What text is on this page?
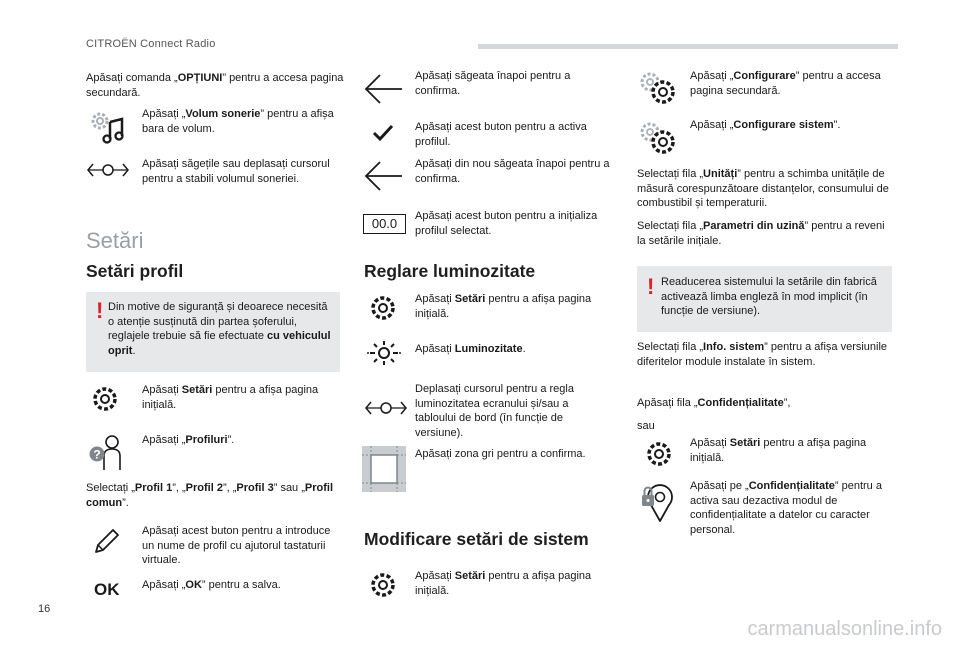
CITROËN Connect Radio
16
Apăsați comanda „OPȚIUNI” pentru a accesa pagina secundară.
Apăsați „Volum sonerie” pentru a afișa bara de volum.
Apăsați săgețile sau deplasați cursorul pentru a stabili volumul soneriei.
Setări
Setări profil
! Din motive de siguranță și deoarece necesită o atenție susținută din partea șoferului, reglajele trebuie să fie efectuate cu vehiculul oprit.
Apăsați Setări pentru a afișa pagina inițială.
?
Apăsați „Profiluri”.
Selectați „Profil 1”, „Profil 2”, „Profil 3” sau „Profil comun”.
Apăsați acest buton pentru a introduce un nume de profil cu ajutorul tastaturii virtuale.
OK Apăsați „OK” pentru a salva.
Apăsați săgeata înapoi pentru a confirma.
Apăsați acest buton pentru a activa profilul.
Apăsați din nou săgeata înapoi pentru a confirma.
00.0	Apăsați acest buton pentru a inițializa profilul selectat.
Reglare luminozitate
Apăsați Setări pentru a afișa pagina inițială.
Apăsați Luminozitate.
Deplasați cursorul pentru a regla luminozitatea ecranului și/sau a tabloului de bord (în funcție de versiune).
Apăsați zona gri pentru a confirma.
Modificare setări de sistem
Apăsați Setări pentru a afișa pagina inițială.
Apăsați „Configurare” pentru a accesa pagina secundară.
Apăsați „Configurare sistem”.
Selectați fila „Unități” pentru a schimba unitățile de măsură corespunzătoare distanțelor, consumului de combustibil și temperaturii.
Selectați fila „Parametri din uzină” pentru a reveni la setările inițiale.
! Readucerea sistemului la setările din fabrică activează limba engleză în mod implicit (în funcție de versiune).
Selectați fila „Info. sistem” pentru a afișa versiunile diferitelor module instalate în sistem.
Apăsați fila „Confidențialitate”,
sau
Apăsați Setări pentru a afișa pagina inițială.
Apăsați pe „Confidențialitate” pentru a activa sau dezactiva modul de confidențialitate a datelor cu caracter personal.
carmanualsonline.info
